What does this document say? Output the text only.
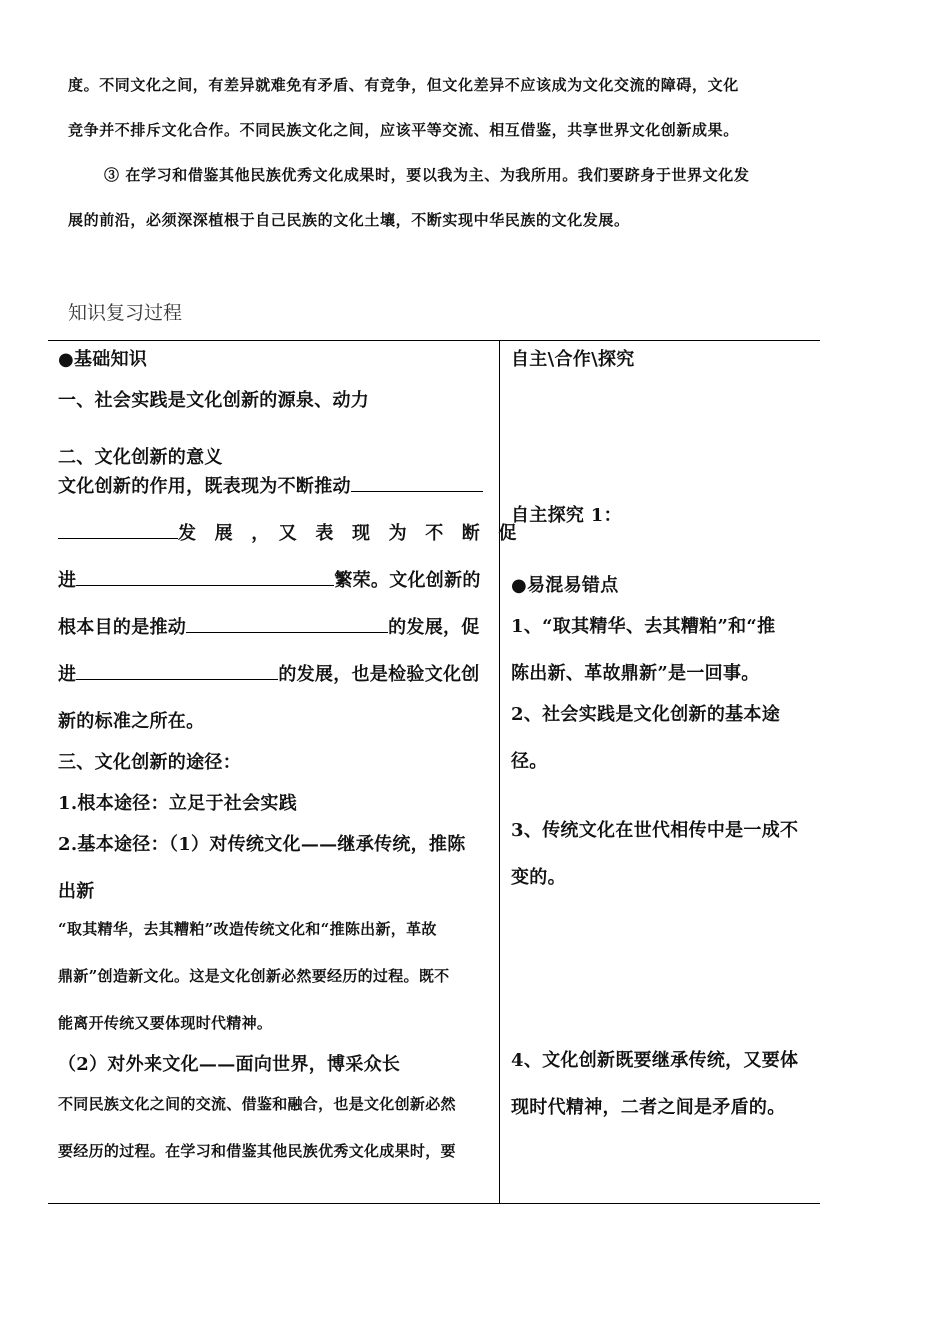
度。不同文化之间，有差异就难免有矛盾、有竞争，但文化差异不应该成为文化交流的障碍，文化

竞争并不排斥文化合作。不同民族文化之间，应该平等交流、相互借鉴，共享世界文化创新成果。

③ 在学习和借鉴其他民族优秀文化成果时，要以我为主、为我所用。我们要跻身于世界文化发

展的前沿，必须深深植根于自己民族的文化土壤，不断实现中华民族的文化发展。

知识复习过程

●基础知识

一、社会实践是文化创新的源泉、动力

二、文化创新的意义

文化创新的作用，既表现为不断推动

发　展　，　又　表　现　为　不　断　促

进	繁荣。文化创新的

根本目的是推动	的发展，促

进	的发展，也是检验文化创

新的标准之所在。

三、文化创新的途径：

1.根本途径：立足于社会实践

2.基本途径：（1）对传统文化——继承传统，推陈

出新

“取其精华，去其糟粕”改造传统文化和“推陈出新，革故

鼎新”创造新文化。这是文化创新必然要经历的过程。既不

能离开传统又要体现时代精神。

（2）对外来文化——面向世界，博采众长

不同民族文化之间的交流、借鉴和融合，也是文化创新必然

要经历的过程。在学习和借鉴其他民族优秀文化成果时，要

自主\合作\探究

自主探究 1：

●易混易错点

1、“取其精华、去其糟粕”和“推

陈出新、革故鼎新”是一回事。

2、社会实践是文化创新的基本途

径。

3、传统文化在世代相传中是一成不

变的。

4、文化创新既要继承传统，又要体

现时代精神，二者之间是矛盾的。
